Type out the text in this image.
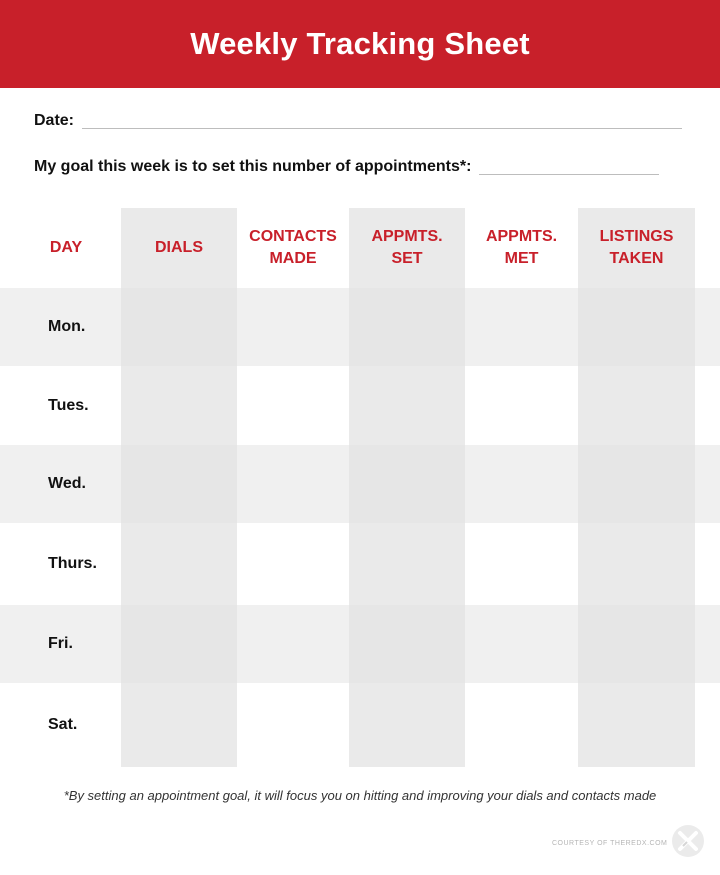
Weekly Tracking Sheet
Date:
My goal this week is to set this number of appointments*:
DAY	DIALS

CONTACTS
MADE
APPMTS.
SET
APPMTS.
MET
LISTINGS
TAKEN
Mon.
Tues.
Wed.
Thurs.
Fri.
Sat.
*By setting an appointment goal, it will focus you on hitting and improving your dials and contacts made
COURTESY OF THEREDX.COM
